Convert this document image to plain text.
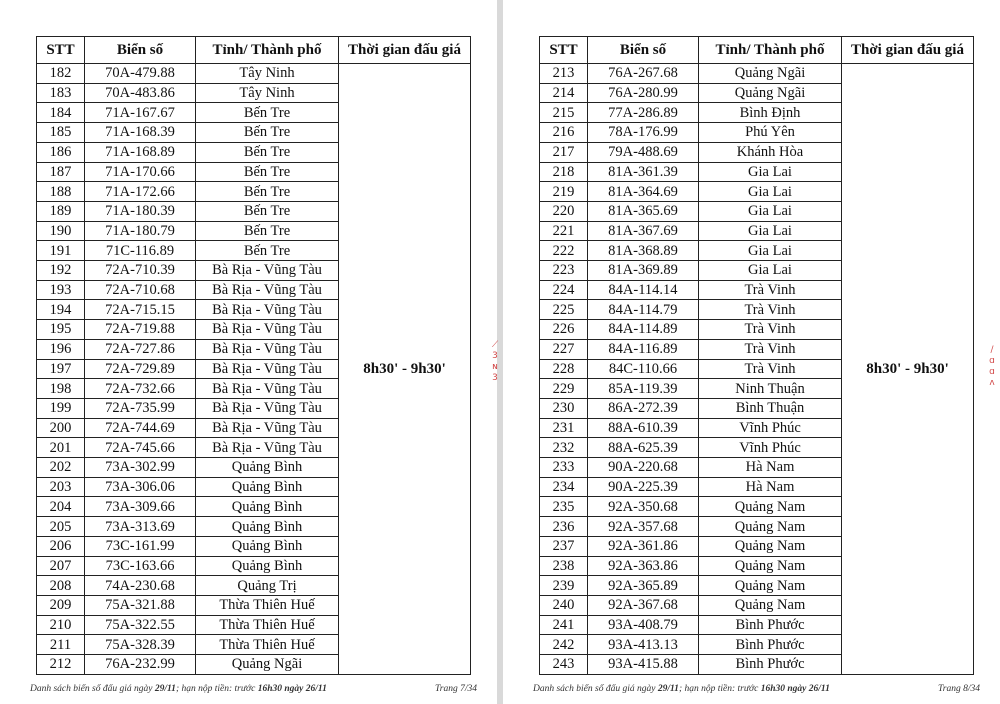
STT	Biển số	Tỉnh/ Thành phố	Thời gian đấu giá
182	70A-479.88	Tây Ninh	8h30' - 9h30'
183	70A-483.86	Tây Ninh	
184	71A-167.67	Bến Tre	
185	71A-168.39	Bến Tre	
186	71A-168.89	Bến Tre	
187	71A-170.66	Bến Tre	
188	71A-172.66	Bến Tre	
189	71A-180.39	Bến Tre	
190	71A-180.79	Bến Tre	
191	71C-116.89	Bến Tre	
192	72A-710.39	Bà Rịa - Vũng Tàu	
193	72A-710.68	Bà Rịa - Vũng Tàu	
194	72A-715.15	Bà Rịa - Vũng Tàu	
195	72A-719.88	Bà Rịa - Vũng Tàu	
196	72A-727.86	Bà Rịa - Vũng Tàu	
197	72A-729.89	Bà Rịa - Vũng Tàu	
198	72A-732.66	Bà Rịa - Vũng Tàu	
199	72A-735.99	Bà Rịa - Vũng Tàu	
200	72A-744.69	Bà Rịa - Vũng Tàu	
201	72A-745.66	Bà Rịa - Vũng Tàu	
202	73A-302.99	Quảng Bình	
203	73A-306.06	Quảng Bình	
204	73A-309.66	Quảng Bình	
205	73A-313.69	Quảng Bình	
206	73C-161.99	Quảng Bình	
207	73C-163.66	Quảng Bình	
208	74A-230.68	Quảng Trị	
209	75A-321.88	Thừa Thiên Huế	
210	75A-322.55	Thừa Thiên Huế	
211	75A-328.39	Thừa Thiên Huế	
212	76A-232.99	Quảng Ngãi	
Danh sách biển số đấu giá ngày 29/11; hạn nộp tiền: trước 16h30 ngày 26/11	Trang 7/34
⟋
3
ɴ
3
STT	Biển số	Tỉnh/ Thành phố	Thời gian đấu giá
213	76A-267.68	Quảng Ngãi	8h30' - 9h30'
214	76A-280.99	Quảng Ngãi	
215	77A-286.89	Bình Định	
216	78A-176.99	Phú Yên	
217	79A-488.69	Khánh Hòa	
218	81A-361.39	Gia Lai	
219	81A-364.69	Gia Lai	
220	81A-365.69	Gia Lai	
221	81A-367.69	Gia Lai	
222	81A-368.89	Gia Lai	
223	81A-369.89	Gia Lai	
224	84A-114.14	Trà Vinh	
225	84A-114.79	Trà Vinh	
226	84A-114.89	Trà Vinh	
227	84A-116.89	Trà Vinh	
228	84C-110.66	Trà Vinh	
229	85A-119.39	Ninh Thuận	
230	86A-272.39	Bình Thuận	
231	88A-610.39	Vĩnh Phúc	
232	88A-625.39	Vĩnh Phúc	
233	90A-220.68	Hà Nam	
234	90A-225.39	Hà Nam	
235	92A-350.68	Quảng Nam	
236	92A-357.68	Quảng Nam	
237	92A-361.86	Quảng Nam	
238	92A-363.86	Quảng Nam	
239	92A-365.89	Quảng Nam	
240	92A-367.68	Quảng Nam	
241	93A-408.79	Bình Phước	
242	93A-413.13	Bình Phước	
243	93A-415.88	Bình Phước	
Danh sách biển số đấu giá ngày 29/11; hạn nộp tiền: trước 16h30 ngày 26/11	Trang 8/34
∕
ɑ
ɑ
ʌ
